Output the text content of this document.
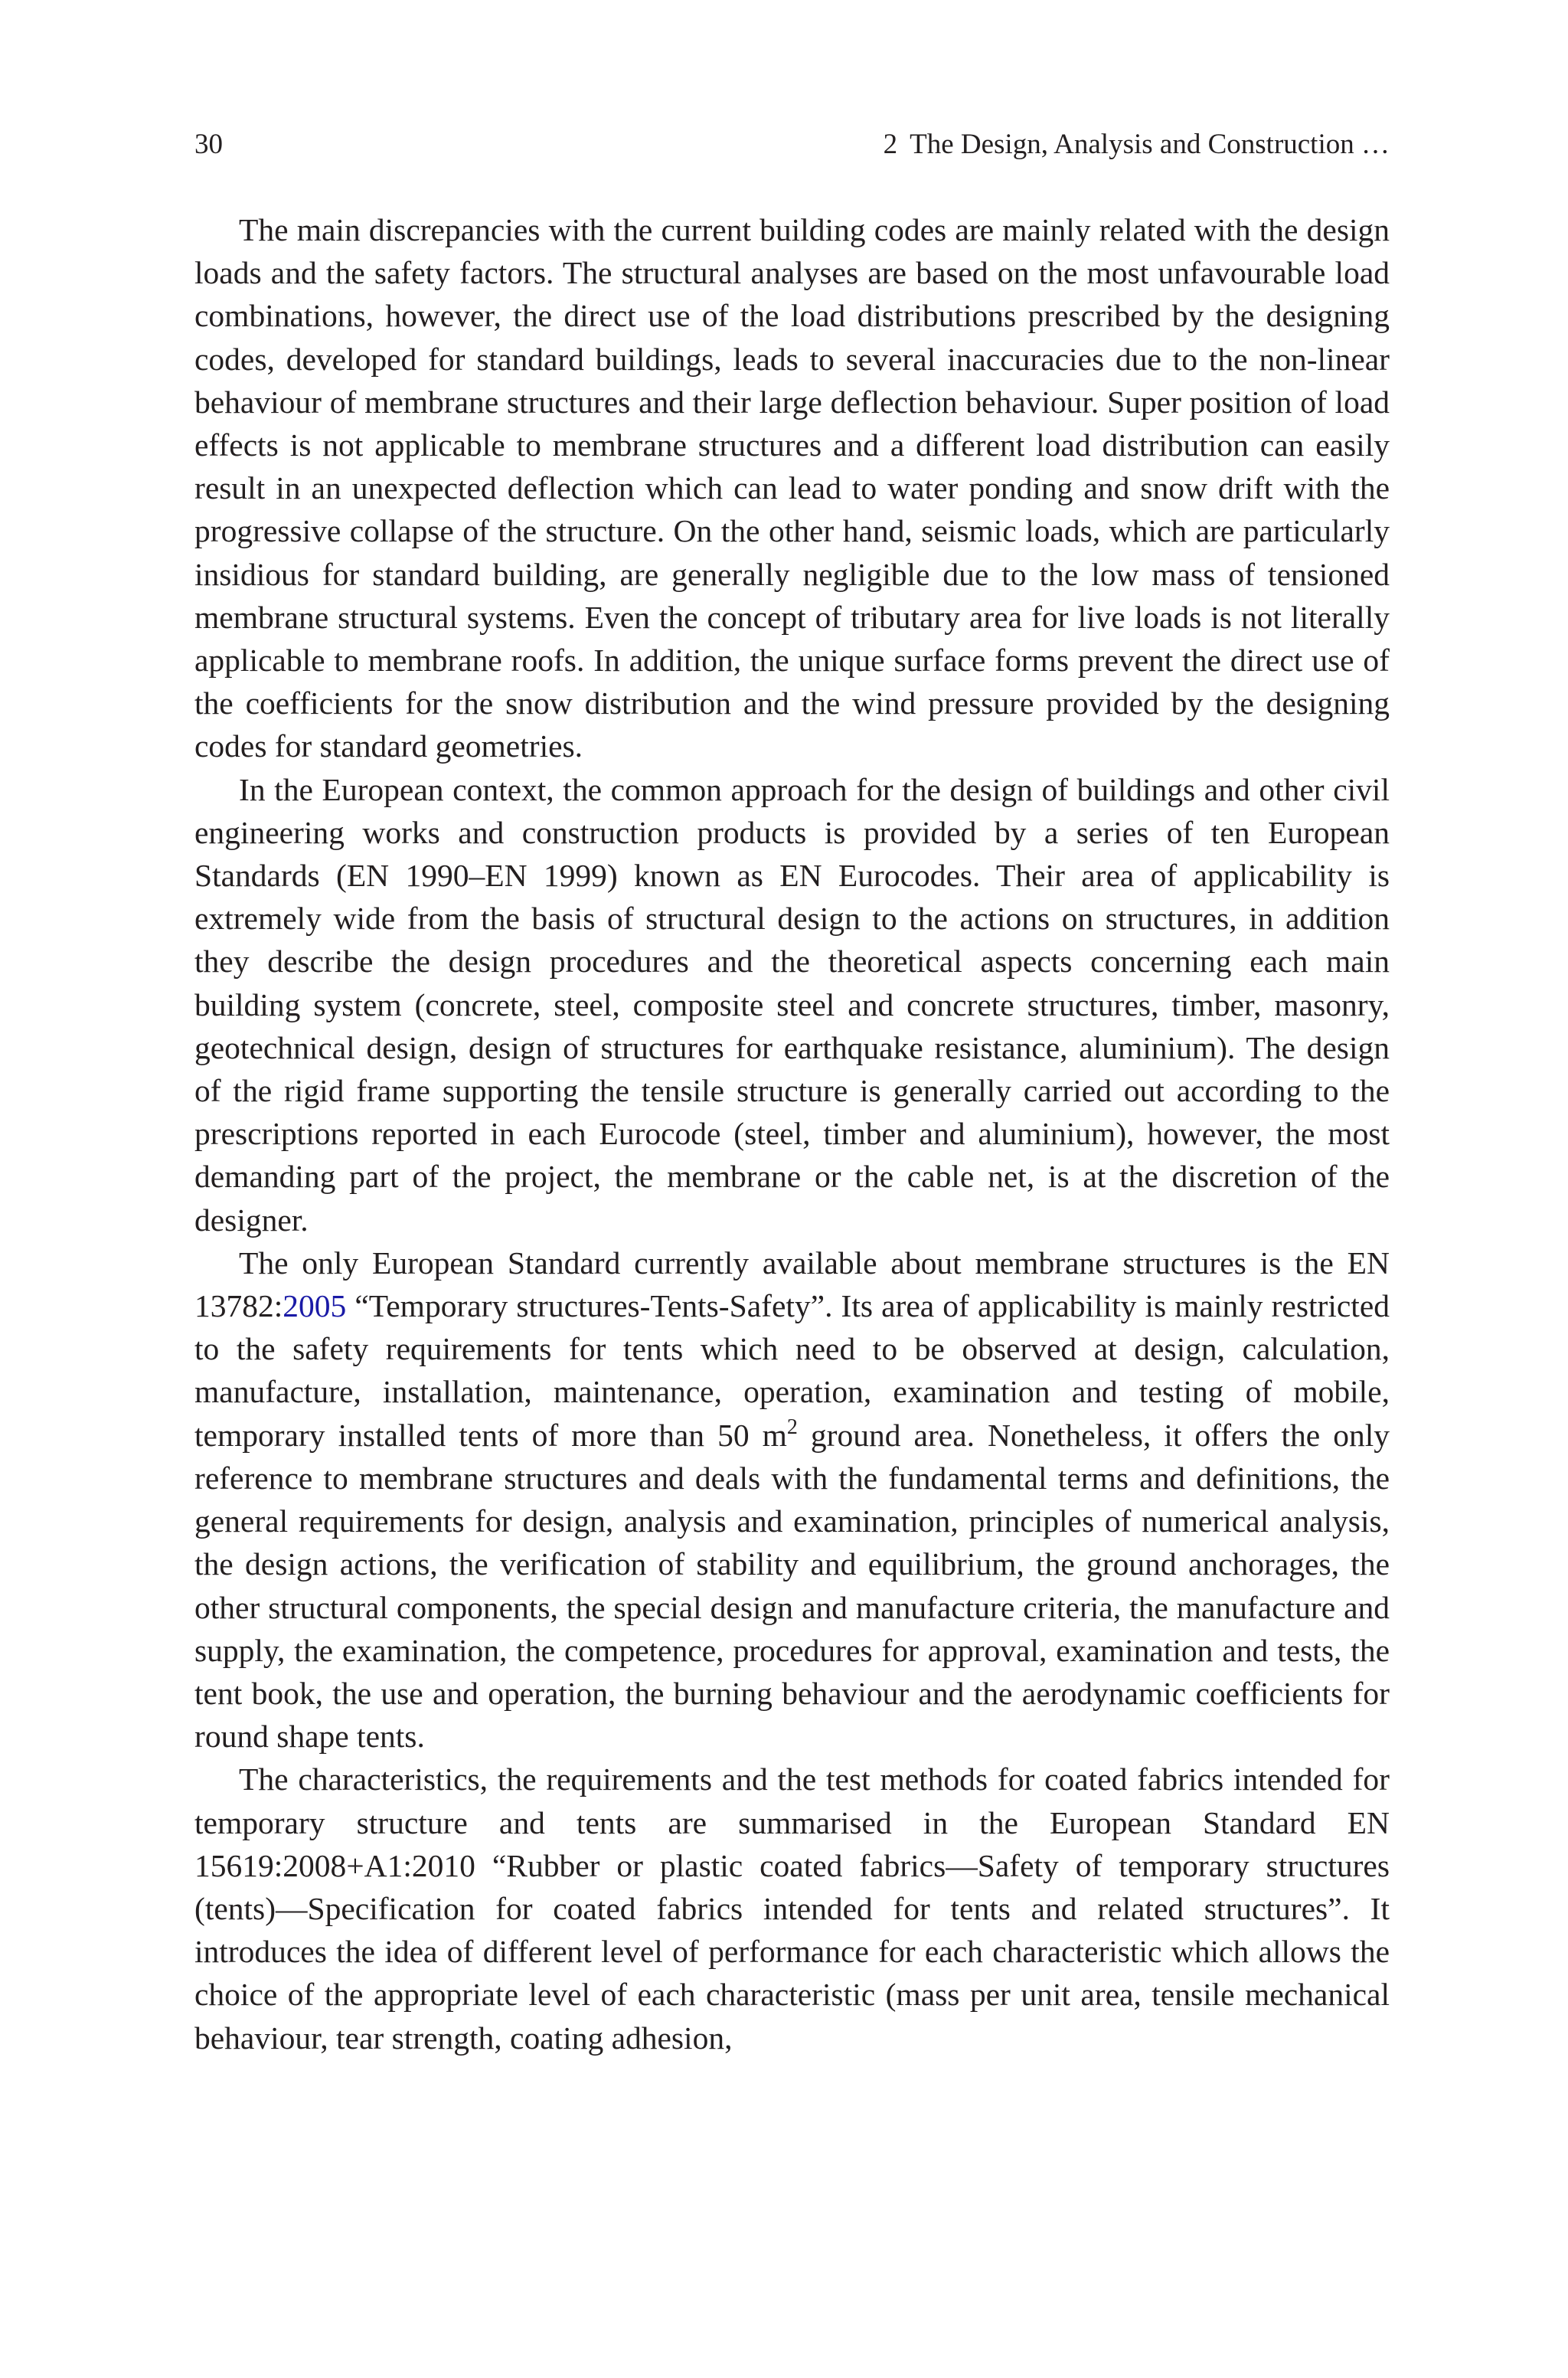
30	2 The Design, Analysis and Construction …

The main discrepancies with the current building codes are mainly related with the design loads and the safety factors. The structural analyses are based on the most unfavourable load combinations, however, the direct use of the load distributions prescribed by the designing codes, developed for standard buildings, leads to several inaccuracies due to the non-linear behaviour of membrane structures and their large deflection behaviour. Super position of load effects is not applicable to membrane structures and a different load distribution can easily result in an unexpected deflection which can lead to water ponding and snow drift with the progressive collapse of the structure. On the other hand, seismic loads, which are particularly insidious for standard building, are generally negligible due to the low mass of tensioned membrane structural systems. Even the concept of tributary area for live loads is not literally applicable to membrane roofs. In addition, the unique surface forms prevent the direct use of the coefficients for the snow distribution and the wind pressure provided by the designing codes for standard geometries.

In the European context, the common approach for the design of buildings and other civil engineering works and construction products is provided by a series of ten European Standards (EN 1990–EN 1999) known as EN Eurocodes. Their area of applicability is extremely wide from the basis of structural design to the actions on structures, in addition they describe the design procedures and the theoretical aspects concerning each main building system (concrete, steel, composite steel and concrete structures, timber, masonry, geotechnical design, design of structures for earthquake resistance, aluminium). The design of the rigid frame supporting the tensile structure is generally carried out according to the prescriptions reported in each Eurocode (steel, timber and aluminium), however, the most demanding part of the project, the membrane or the cable net, is at the discretion of the designer.

The only European Standard currently available about membrane structures is the EN 13782:2005 “Temporary structures-Tents-Safety”. Its area of applicability is mainly restricted to the safety requirements for tents which need to be observed at design, calculation, manufacture, installation, maintenance, operation, examination and testing of mobile, temporary installed tents of more than 50 $m^2$ ground area. Nonetheless, it offers the only reference to membrane structures and deals with the fundamental terms and definitions, the general requirements for design, analysis and examination, principles of numerical analysis, the design actions, the verification of stability and equilibrium, the ground anchorages, the other structural components, the special design and manufacture criteria, the manufacture and supply, the examination, the competence, procedures for approval, examination and tests, the tent book, the use and operation, the burning behaviour and the aerodynamic coefficients for round shape tents.

The characteristics, the requirements and the test methods for coated fabrics intended for temporary structure and tents are summarised in the European Standard EN 15619:2008+A1:2010 “Rubber or plastic coated fabrics—Safety of temporary structures (tents)—Specification for coated fabrics intended for tents and related structures”. It introduces the idea of different level of performance for each characteristic which allows the choice of the appropriate level of each characteristic (mass per unit area, tensile mechanical behaviour, tear strength, coating adhesion,
